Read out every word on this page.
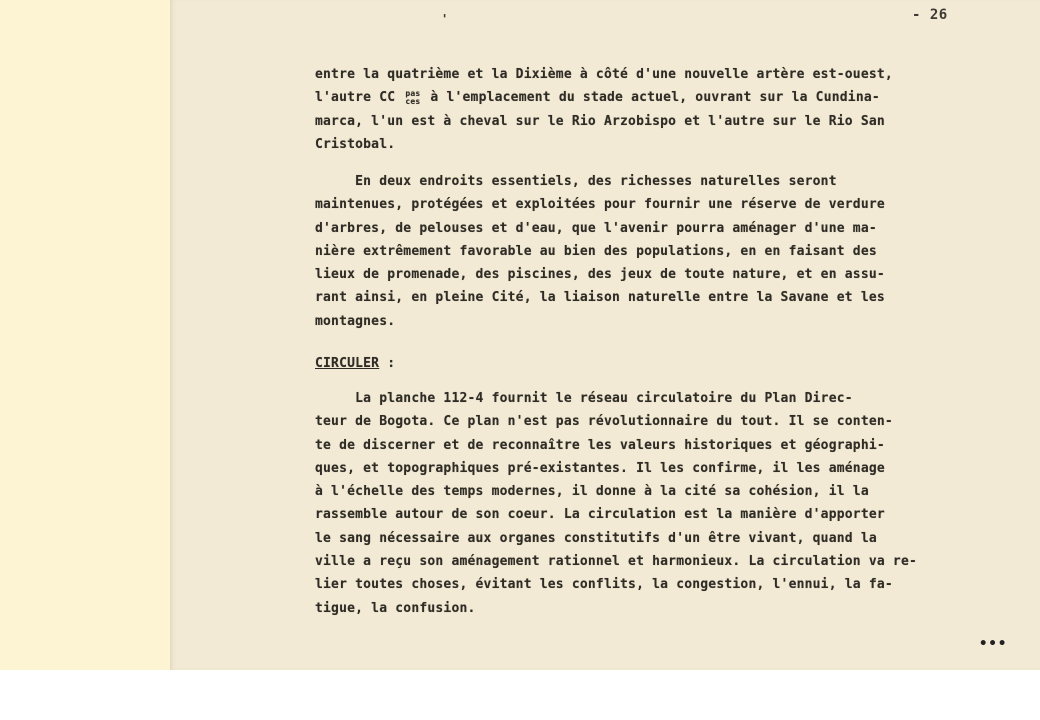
'	- 26
entre la quatrième et la Dixième à côté d'une nouvelle artère est-ouest,
l'autre CC pas
ces à l'emplacement du stade actuel, ouvrant sur la Cundina-
marca, l'un est à cheval sur le Rio Arzobispo et l'autre sur le Rio San
Cristobal.
En deux endroits essentiels, des richesses naturelles seront
maintenues, protégées et exploitées pour fournir une réserve de verdure
d'arbres, de pelouses et d'eau, que l'avenir pourra aménager d'une ma-
nière extrêmement favorable au bien des populations, en en faisant des
lieux de promenade, des piscines, des jeux de toute nature, et en assu-
rant ainsi, en pleine Cité, la liaison naturelle entre la Savane et les
montagnes.
CIRCULER :
La planche 112-4 fournit le réseau circulatoire du Plan Direc-
teur de Bogota. Ce plan n'est pas révolutionnaire du tout. Il se conten-
te de discerner et de reconnaître les valeurs historiques et géographi-
ques, et topographiques pré-existantes. Il les confirme, il les aménage
à l'échelle des temps modernes, il donne à la cité sa cohésion, il la
rassemble autour de son coeur. La circulation est la manière d'apporter
le sang nécessaire aux organes constitutifs d'un être vivant, quand la
ville a reçu son aménagement rationnel et harmonieux. La circulation va re-
lier toutes choses, évitant les conflits, la congestion, l'ennui, la fa-
tigue, la confusion.
•••
